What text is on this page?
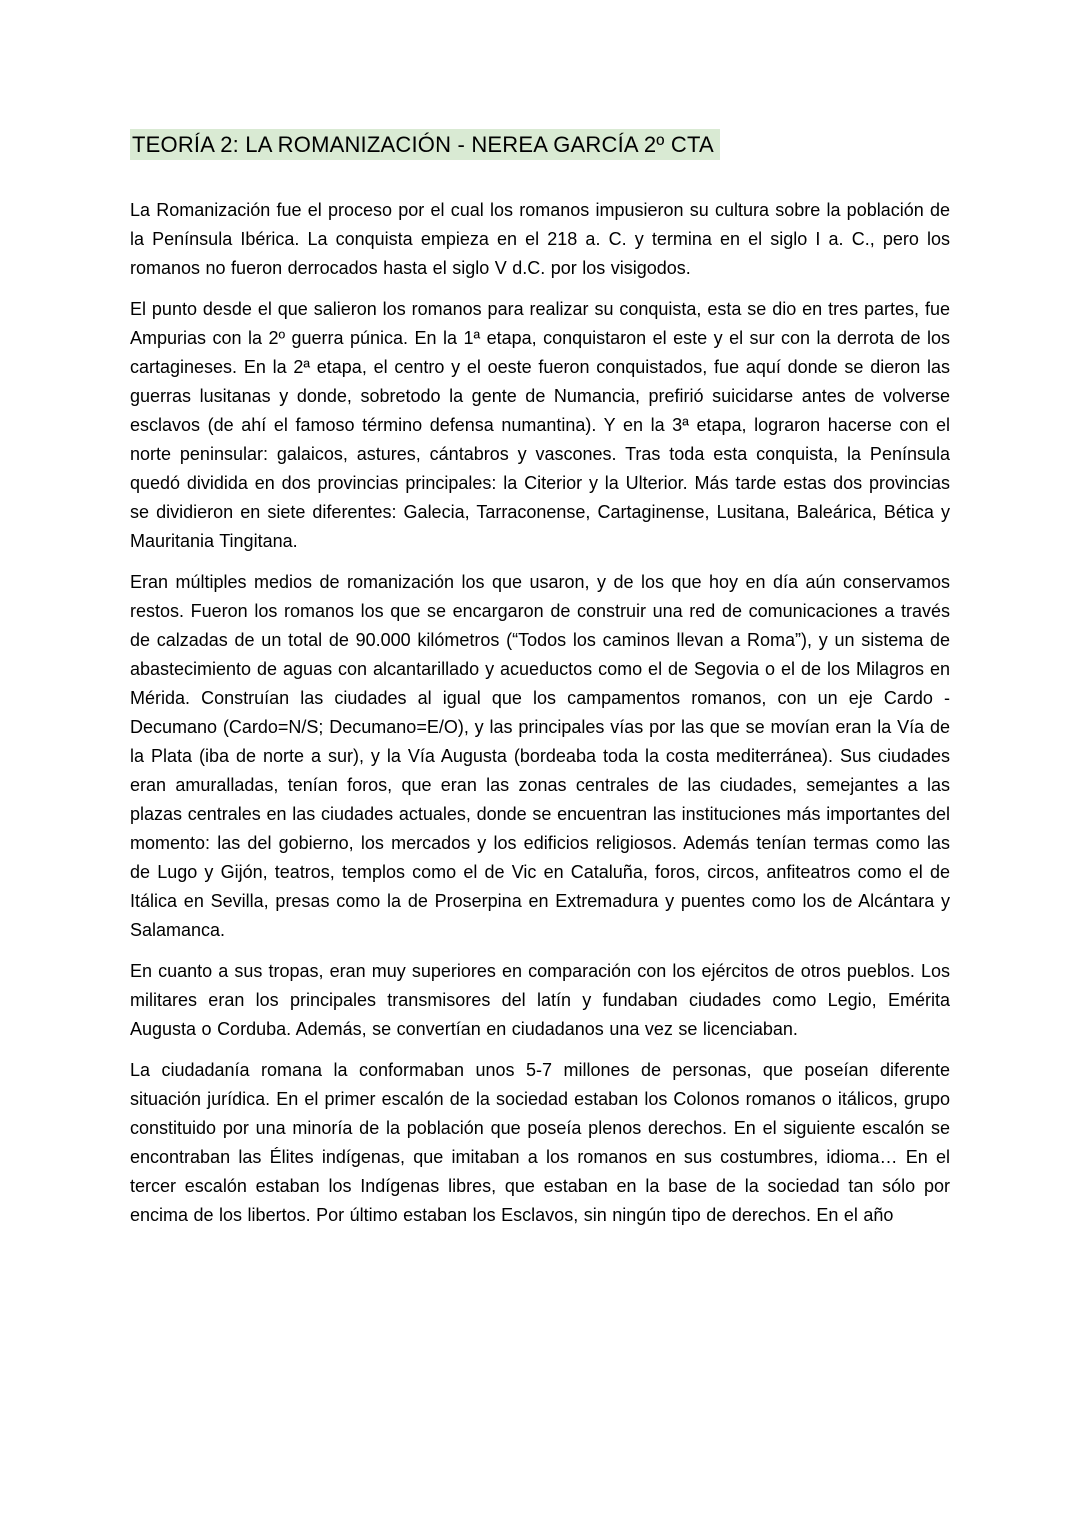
TEORÍA 2: LA ROMANIZACIÓN - NEREA GARCÍA 2º CTA

La Romanización fue el proceso por el cual los romanos impusieron su cultura sobre la población de la Península Ibérica. La conquista empieza en el 218 a. C. y termina en el siglo I a. C., pero los romanos no fueron derrocados hasta el siglo V d.C. por los visigodos.

El punto desde el que salieron los romanos para realizar su conquista, esta se dio en tres partes, fue Ampurias con la 2º guerra púnica. En la 1ª etapa, conquistaron el este y el sur con la derrota de los cartagineses. En la 2ª etapa, el centro y el oeste fueron conquistados, fue aquí donde se dieron las guerras lusitanas y donde, sobretodo la gente de Numancia, prefirió suicidarse antes de volverse esclavos (de ahí el famoso término defensa numantina). Y en la 3ª etapa, lograron hacerse con el norte peninsular: galaicos, astures, cántabros y vascones. Tras toda esta conquista, la Península quedó dividida en dos provincias principales: la Citerior y la Ulterior. Más tarde estas dos provincias se dividieron en siete diferentes: Galecia, Tarraconense, Cartaginense, Lusitana, Baleárica, Bética y Mauritania Tingitana.

Eran múltiples medios de romanización los que usaron, y de los que hoy en día aún conservamos restos. Fueron los romanos los que se encargaron de construir una red de comunicaciones a través de calzadas de un total de 90.000 kilómetros (“Todos los caminos llevan a Roma”), y un sistema de abastecimiento de aguas con alcantarillado y acueductos como el de Segovia o el de los Milagros en Mérida. Construían las ciudades al igual que los campamentos romanos, con un eje Cardo - Decumano (Cardo=N/S; Decumano=E/O), y las principales vías por las que se movían eran la Vía de la Plata (iba de norte a sur), y la Vía Augusta (bordeaba toda la costa mediterránea). Sus ciudades eran amuralladas, tenían foros, que eran las zonas centrales de las ciudades, semejantes a las plazas centrales en las ciudades actuales, donde se encuentran las instituciones más importantes del momento: las del gobierno, los mercados y los edificios religiosos. Además tenían termas como las de Lugo y Gijón, teatros, templos como el de Vic en Cataluña, foros, circos, anfiteatros como el de Itálica en Sevilla, presas como la de Proserpina en Extremadura y puentes como los de Alcántara y Salamanca.

En cuanto a sus tropas, eran muy superiores en comparación con los ejércitos de otros pueblos. Los militares eran los principales transmisores del latín y fundaban ciudades como Legio, Emérita Augusta o Corduba. Además, se convertían en ciudadanos una vez se licenciaban.

La ciudadanía romana la conformaban unos 5-7 millones de personas, que poseían diferente situación jurídica. En el primer escalón de la sociedad estaban los Colonos romanos o itálicos, grupo constituido por una minoría de la población que poseía plenos derechos. En el siguiente escalón se encontraban las Élites indígenas, que imitaban a los romanos en sus costumbres, idioma… En el tercer escalón estaban los Indígenas libres, que estaban en la base de la sociedad tan sólo por encima de los libertos. Por último estaban los Esclavos, sin ningún tipo de derechos. En el año
